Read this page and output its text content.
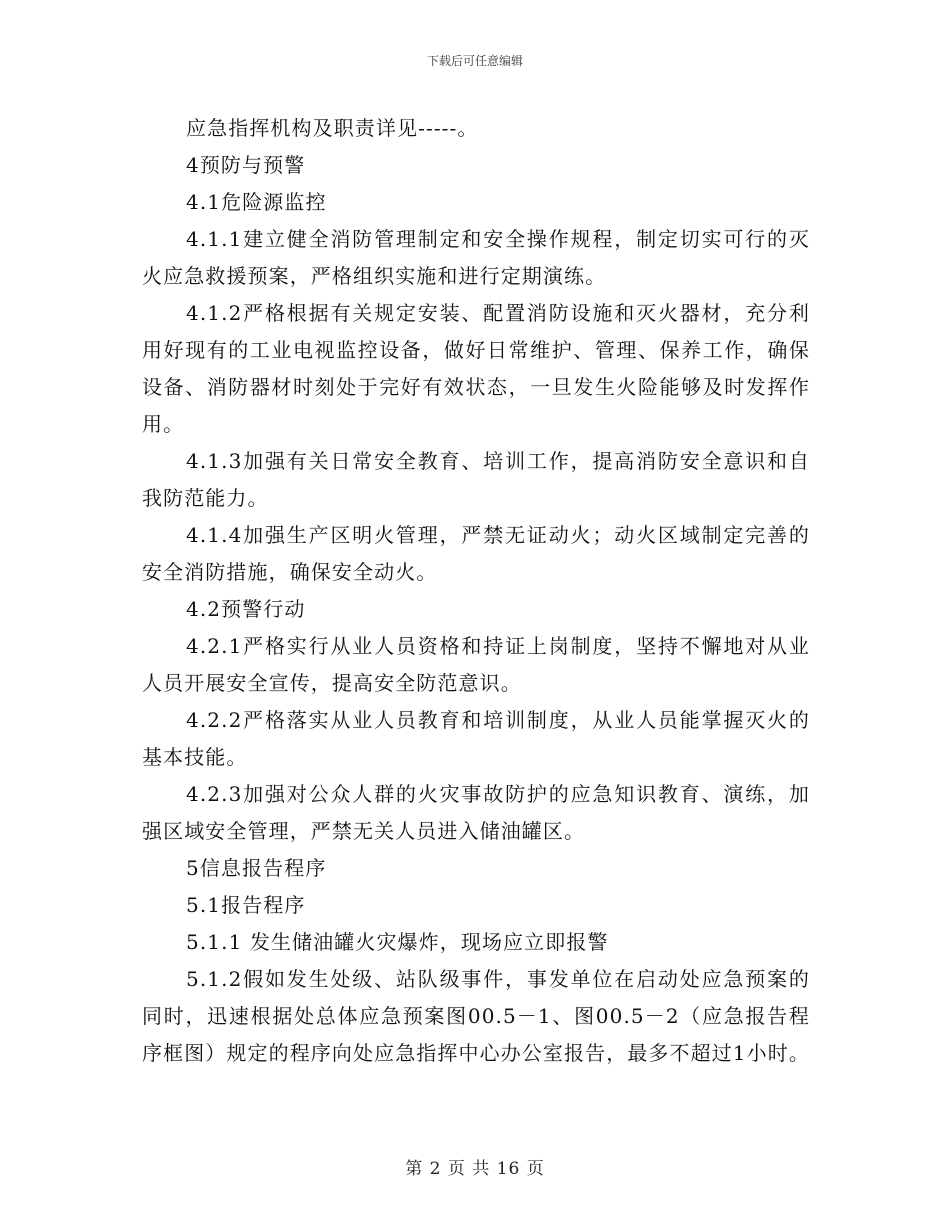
下载后可任意编辑

应急指挥机构及职责详见-----。

4预防与预警

4.1危险源监控

4.1.1建立健全消防管理制定和安全操作规程，制定切实可行的灭火应急救援预案，严格组织实施和进行定期演练。

4.1.2严格根据有关规定安装、配置消防设施和灭火器材，充分利用好现有的工业电视监控设备，做好日常维护、管理、保养工作，确保设备、消防器材时刻处于完好有效状态，一旦发生火险能够及时发挥作用。

4.1.3加强有关日常安全教育、培训工作，提高消防安全意识和自我防范能力。

4.1.4加强生产区明火管理，严禁无证动火；动火区域制定完善的安全消防措施，确保安全动火。

4.2预警行动

4.2.1严格实行从业人员资格和持证上岗制度，坚持不懈地对从业人员开展安全宣传，提高安全防范意识。

4.2.2严格落实从业人员教育和培训制度，从业人员能掌握灭火的基本技能。

4.2.3加强对公众人群的火灾事故防护的应急知识教育、演练，加强区域安全管理，严禁无关人员进入储油罐区。

5信息报告程序

5.1报告程序

5.1.1 发生储油罐火灾爆炸，现场应立即报警

5.1.2假如发生处级、站队级事件，事发单位在启动处应急预案的同时，迅速根据处总体应急预案图00.5－1、图00.5－2（应急报告程序框图）规定的程序向处应急指挥中心办公室报告，最多不超过1小时。

第 2 页 共 16 页
